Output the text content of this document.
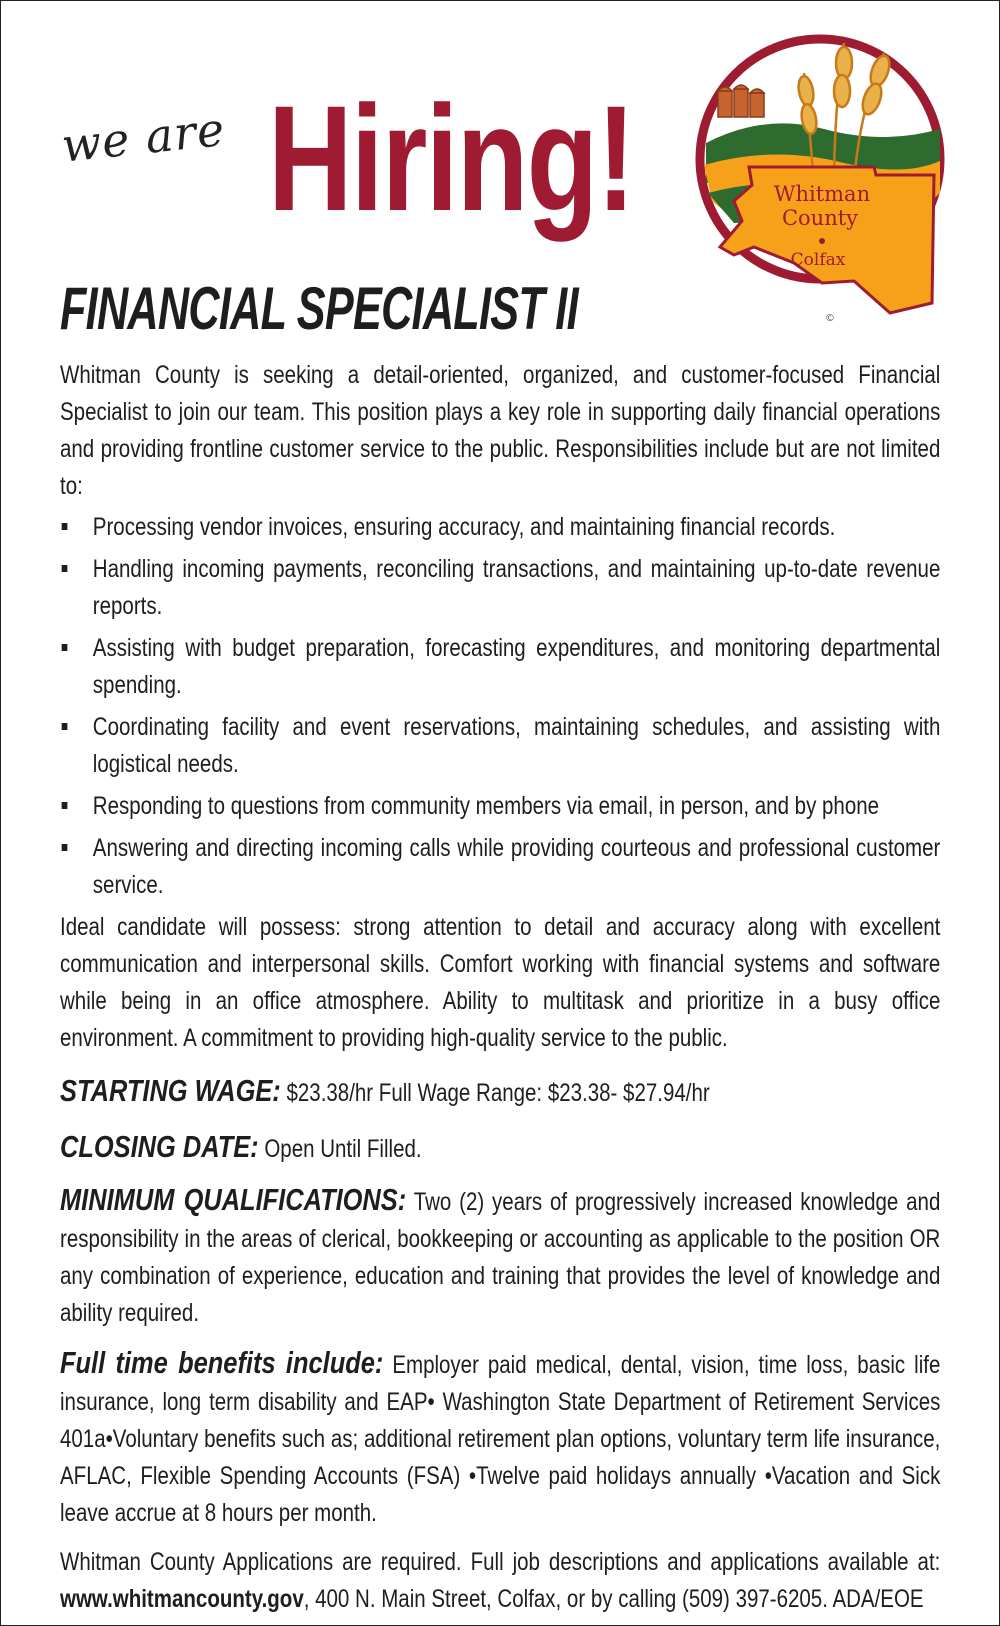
we are Hiring!	Whitman
County
Colfax
©
FINANCIAL SPECIALIST II

Whitman County is seeking a detail-oriented, organized, and customer-focused Financial Specialist to join our team. This position plays a key role in supporting daily financial operations and providing frontline customer service to the public. Responsibilities include but are not limited to:

Processing vendor invoices, ensuring accuracy, and maintaining financial records.
Handling incoming payments, reconciling transactions, and maintaining up-to-date revenue reports.
Assisting with budget preparation, forecasting expenditures, and monitoring departmental spending.
Coordinating facility and event reservations, maintaining schedules, and assisting with logistical needs.
Responding to questions from community members via email, in person, and by phone
Answering and directing incoming calls while providing courteous and professional customer service.

Ideal candidate will possess: strong attention to detail and accuracy along with excellent communication and interpersonal skills. Comfort working with financial systems and software while being in an office atmosphere. Ability to multitask and prioritize in a busy office environment. A commitment to providing high-quality service to the public.

STARTING WAGE: $23.38/hr Full Wage Range: $23.38- $27.94/hr

CLOSING DATE: Open Until Filled.

MINIMUM QUALIFICATIONS: Two (2) years of progressively increased knowledge and responsibility in the areas of clerical, bookkeeping or accounting as applicable to the position OR any combination of experience, education and training that provides the level of knowledge and ability required.

Full time benefits include: Employer paid medical, dental, vision, time loss, basic life insurance, long term disability and EAP• Washington State Department of Retirement Services 401a•Voluntary benefits such as; additional retirement plan options, voluntary term life insurance, AFLAC, Flexible Spending Accounts (FSA) •Twelve paid holidays annually •Vacation and Sick leave accrue at 8 hours per month.

Whitman County Applications are required. Full job descriptions and applications available at: www.whitmancounty.gov, 400 N. Main Street, Colfax, or by calling (509) 397-6205. ADA/EOE
